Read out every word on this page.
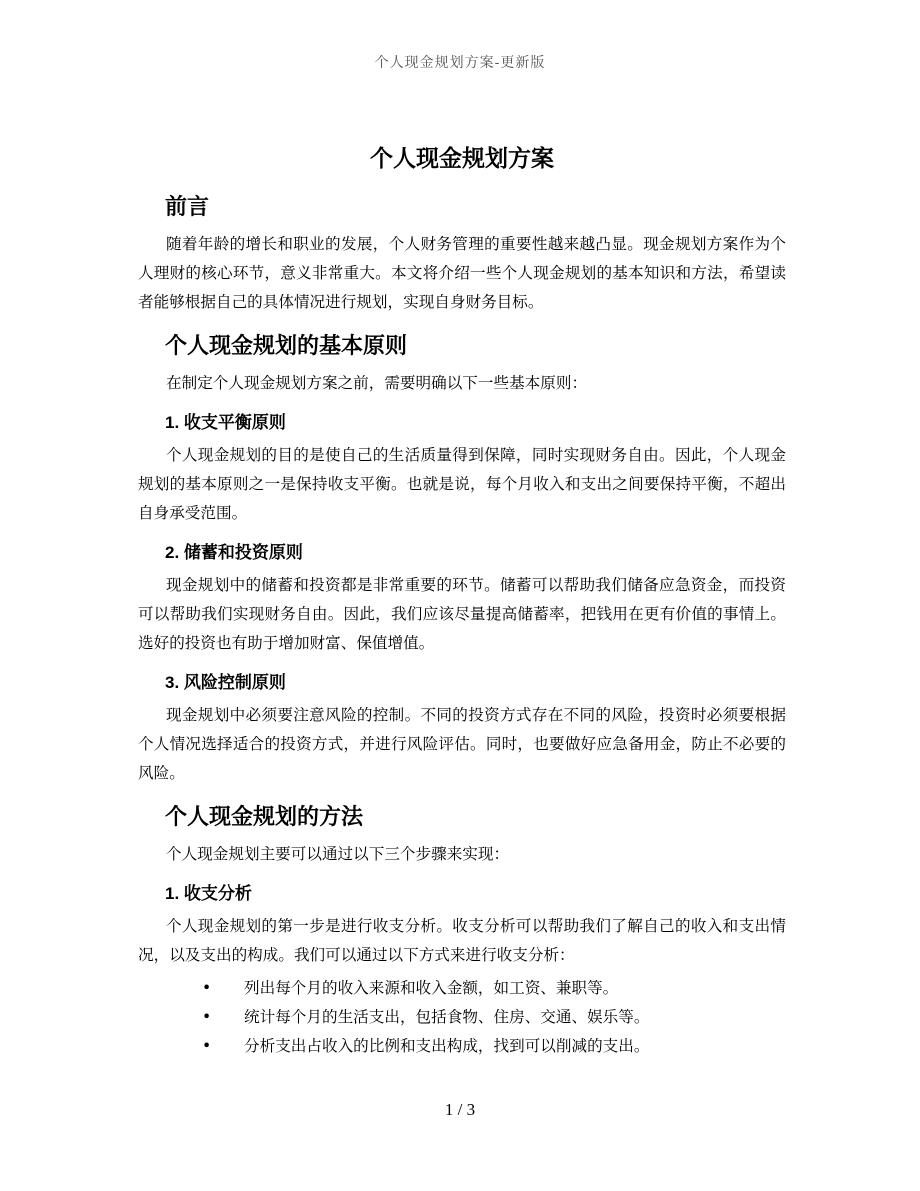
个人现金规划方案-更新版
个人现金规划方案
前言

随着年龄的增长和职业的发展，个人财务管理的重要性越来越凸显。现金规划方案作为个人理财的核心环节，意义非常重大。本文将介绍一些个人现金规划的基本知识和方法，希望读者能够根据自己的具体情况进行规划，实现自身财务目标。

个人现金规划的基本原则

在制定个人现金规划方案之前，需要明确以下一些基本原则：

1. 收支平衡原则

个人现金规划的目的是使自己的生活质量得到保障，同时实现财务自由。因此，个人现金规划的基本原则之一是保持收支平衡。也就是说，每个月收入和支出之间要保持平衡，不超出自身承受范围。

2. 储蓄和投资原则

现金规划中的储蓄和投资都是非常重要的环节。储蓄可以帮助我们储备应急资金，而投资可以帮助我们实现财务自由。因此，我们应该尽量提高储蓄率，把钱用在更有价值的事情上。选好的投资也有助于增加财富、保值增值。

3. 风险控制原则

现金规划中必须要注意风险的控制。不同的投资方式存在不同的风险，投资时必须要根据个人情况选择适合的投资方式，并进行风险评估。同时，也要做好应急备用金，防止不必要的风险。

个人现金规划的方法

个人现金规划主要可以通过以下三个步骤来实现：

1. 收支分析

个人现金规划的第一步是进行收支分析。收支分析可以帮助我们了解自己的收入和支出情况，以及支出的构成。我们可以通过以下方式来进行收支分析：

• 列出每个月的收入来源和收入金额，如工资、兼职等。
• 统计每个月的生活支出，包括食物、住房、交通、娱乐等。
• 分析支出占收入的比例和支出构成，找到可以削减的支出。
1 / 3
